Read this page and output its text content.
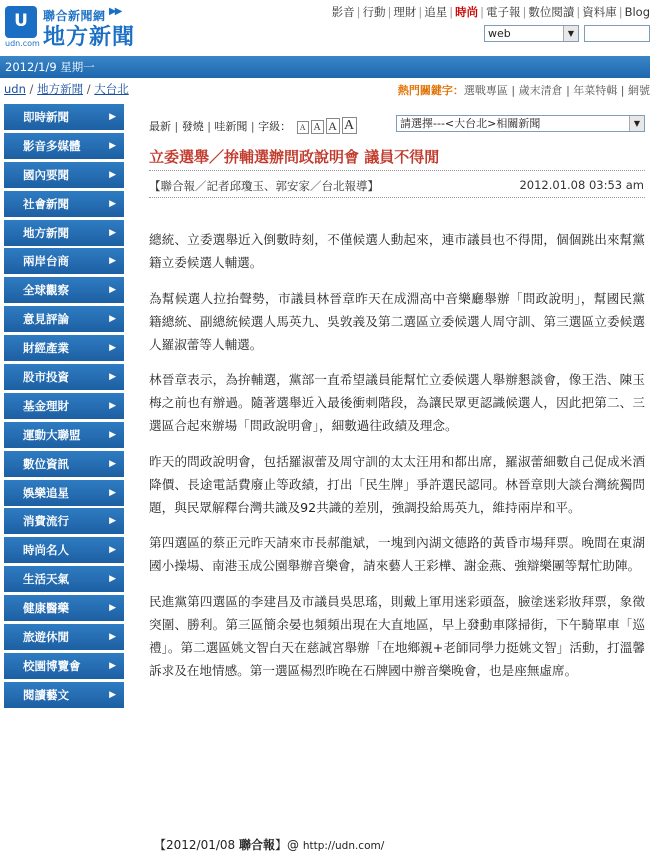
U
udn.com
聯合新聞網 ▶▶
地方新聞
影音 | 行動 | 理財 | 追星 | 時尚 | 電子報 | 數位閱讀 | 資料庫 | Blog
web	▼
2012/1/9 星期一
udn / 地方新聞 / 大台北	熱門關鍵字：選戰專區 | 歲末清倉 | 年菜特輯 | 網號
即時新聞	▶
影音多媒體	▶
國內要聞	▶
社會新聞	▶
地方新聞	▶
兩岸台商	▶
全球觀察	▶
意見評論	▶
財經產業	▶
股市投資	▶
基金理財	▶
運動大聯盟	▶
數位資訊	▶
娛樂追星	▶
消費流行	▶
時尚名人	▶
生活天氣	▶
健康醫藥	▶
旅遊休閒	▶
校園博覽會	▶
閱讀藝文	▶
最新 | 發燒 | 哇新聞 | 字級： A A A A	請選擇---<大台北>相關新聞	▼
立委選舉／拚輔選辦問政說明會 議員不得閒
【聯合報／記者邱瓊玉、郭安家／台北報導】	2012.01.08 03:53 am

總統、立委選舉近入倒數時刻，不僅候選人動起來，連市議員也不得閒，個個跳出來幫黨籍立委候選人輔選。

為幫候選人拉抬聲勢，市議員林晉章昨天在成淵高中音樂廳舉辦「問政說明」，幫國民黨籍總統、副總統候選人馬英九、吳敦義及第二選區立委候選人周守訓、第三選區立委候選人羅淑蕾等人輔選。

林晉章表示，為拚輔選，黨部一直希望議員能幫忙立委候選人舉辦懇談會，像王浩、陳玉梅之前也有辦過。隨著選舉近入最後衝刺階段，為讓民眾更認識候選人，因此把第二、三選區合起來辦場「問政說明會」，細數過往政績及理念。

昨天的問政說明會，包括羅淑蕾及周守訓的太太汪用和都出席，羅淑蕾細數自己促成米酒降價、長途電話費廢止等政績，打出「民生牌」爭許選民認同。林晉章則大談台灣統獨問題，與民眾解釋台灣共識及92共識的差別，強調投給馬英九，維持兩岸和平。

第四選區的蔡正元昨天請來市長郝龍斌，一塊到內湖文德路的黃昏市場拜票。晚間在東湖國小操場、南港玉成公園舉辦音樂會，請來藝人王彩樺、謝金燕、強辯樂團等幫忙助陣。

民進黨第四選區的李建昌及市議員吳思瑤，則戴上軍用迷彩頭盔，臉塗迷彩妝拜票，象徵突圍、勝利。第三區簡余晏也頻頻出現在大直地區，早上發動車隊掃街，下午騎單車「巡禮」。第二選區姚文智白天在慈誠宮舉辦「在地鄉親+老師同學力挺姚文智」活動，打溫馨訴求及在地情感。第一選區楊烈昨晚在石牌國中辦音樂晚會，也是座無虛席。

【2012/01/08 聯合報】@ http://udn.com/
